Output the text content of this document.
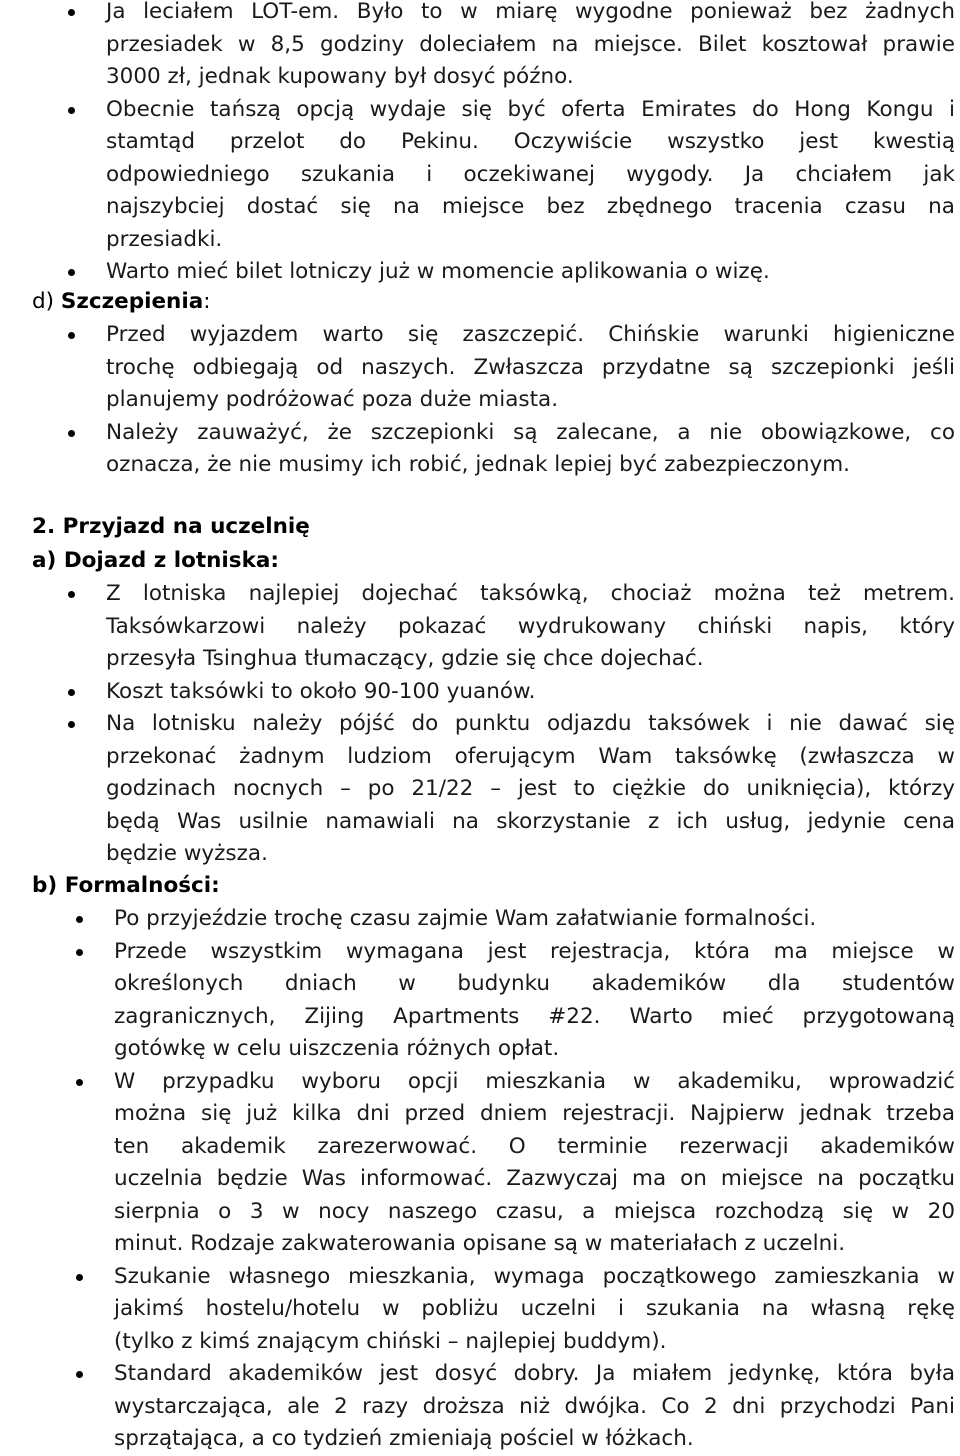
Ja leciałem LOT-em. Było to w miarę wygodne ponieważ bez żadnych
przesiadek w 8,5 godziny doleciałem na miejsce. Bilet kosztował prawie
3000 zł, jednak kupowany był dosyć późno.
Obecnie tańszą opcją wydaje się być oferta Emirates do Hong Kongu i
stamtąd przelot do Pekinu. Oczywiście wszystko jest kwestią
odpowiedniego szukania i oczekiwanej wygody. Ja chciałem jak
najszybciej dostać się na miejsce bez zbędnego tracenia czasu na
przesiadki.
Warto mieć bilet lotniczy już w momencie aplikowania o wizę.

d) Szczepienia:

Przed wyjazdem warto się zaszczepić. Chińskie warunki higieniczne
trochę odbiegają od naszych. Zwłaszcza przydatne są szczepionki jeśli
planujemy podróżować poza duże miasta.
Należy zauważyć, że szczepionki są zalecane, a nie obowiązkowe, co
oznacza, że nie musimy ich robić, jednak lepiej być zabezpieczonym.

2. Przyjazd na uczelnię

a) Dojazd z lotniska:

Z lotniska najlepiej dojechać taksówką, chociaż można też metrem.
Taksówkarzowi należy pokazać wydrukowany chiński napis, który
przesyła Tsinghua tłumaczący, gdzie się chce dojechać.
Koszt taksówki to około 90-100 yuanów.
Na lotnisku należy pójść do punktu odjazdu taksówek i nie dawać się
przekonać żadnym ludziom oferującym Wam taksówkę (zwłaszcza w
godzinach nocnych – po 21/22 – jest to ciężkie do uniknięcia), którzy
będą Was usilnie namawiali na skorzystanie z ich usług, jedynie cena
będzie wyższa.

b) Formalności:

Po przyjeździe trochę czasu zajmie Wam załatwianie formalności.
Przede wszystkim wymagana jest rejestracja, która ma miejsce w
określonych dniach w budynku akademików dla studentów
zagranicznych, Zijing Apartments #22. Warto mieć przygotowaną
gotówkę w celu uiszczenia różnych opłat.
W przypadku wyboru opcji mieszkania w akademiku, wprowadzić
można się już kilka dni przed dniem rejestracji. Najpierw jednak trzeba
ten akademik zarezerwować. O terminie rezerwacji akademików
uczelnia będzie Was informować. Zazwyczaj ma on miejsce na początku
sierpnia o 3 w nocy naszego czasu, a miejsca rozchodzą się w 20
minut. Rodzaje zakwaterowania opisane są w materiałach z uczelni.
Szukanie własnego mieszkania, wymaga początkowego zamieszkania w
jakimś hostelu/hotelu w pobliżu uczelni i szukania na własną rękę
(tylko z kimś znającym chiński – najlepiej buddym).
Standard akademików jest dosyć dobry. Ja miałem jedynkę, która była
wystarczająca, ale 2 razy droższa niż dwójka. Co 2 dni przychodzi Pani
sprzątająca, a co tydzień zmieniają pościel w łóżkach.
